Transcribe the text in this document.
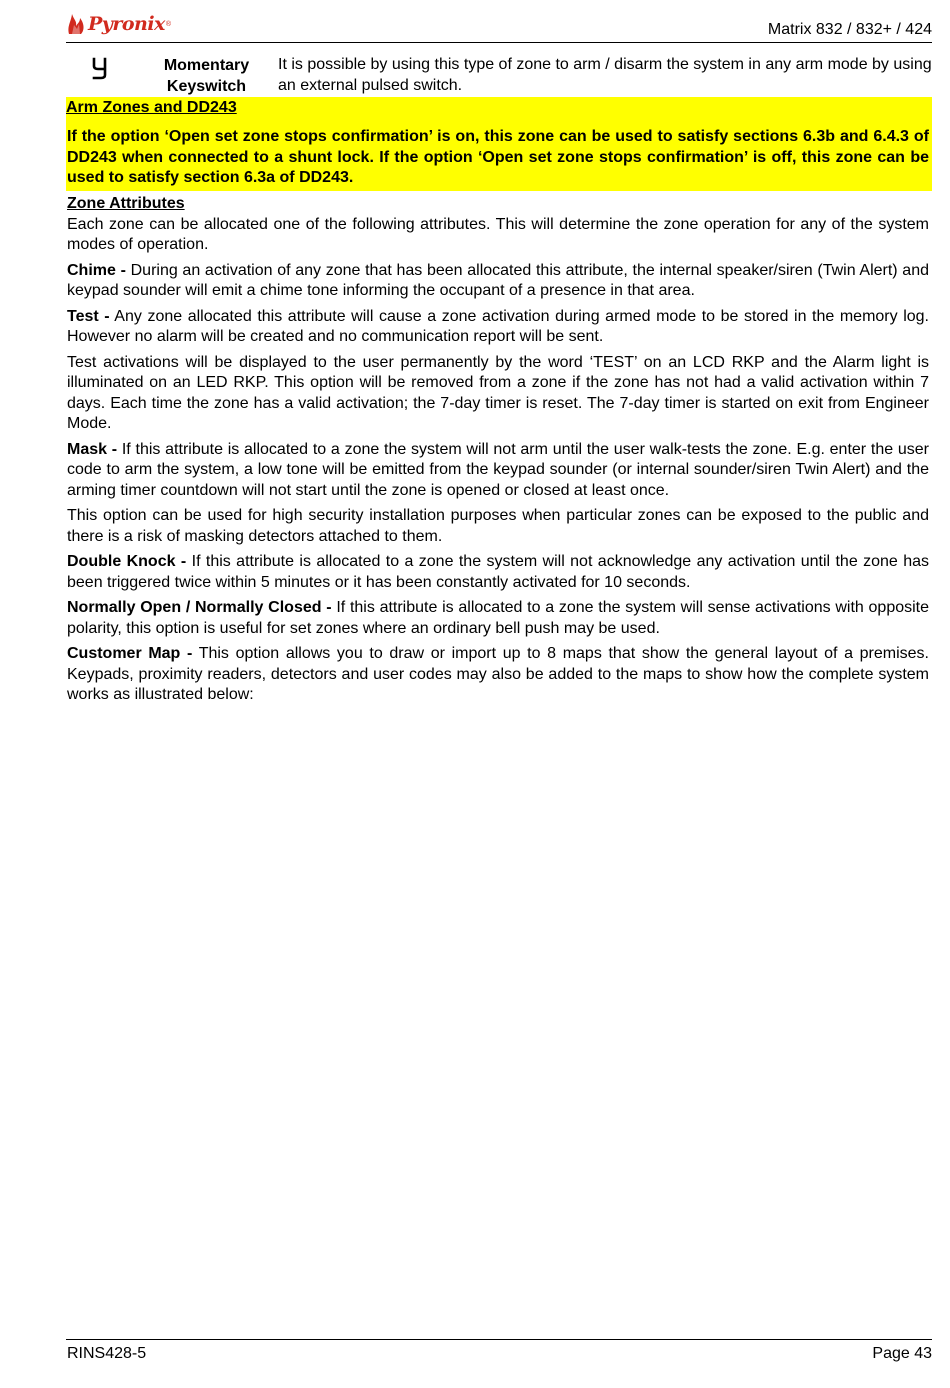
Pyronix ®	Matrix 832 / 832+ / 424
Momentary
Keyswitch
It is possible by using this type of zone to arm / disarm the system in any arm mode by using an external pulsed switch.
Arm Zones and DD243
If the option ‘Open set zone stops confirmation’ is on, this zone can be used to satisfy sections 6.3b and 6.4.3 of DD243 when connected to a shunt lock. If the option ‘Open set zone stops confirmation’ is off, this zone can be used to satisfy section 6.3a of DD243.
Zone Attributes

Each zone can be allocated one of the following attributes. This will determine the zone operation for any of the system modes of operation.

Chime - During an activation of any zone that has been allocated this attribute, the internal speaker/siren (Twin Alert) and keypad sounder will emit a chime tone informing the occupant of a presence in that area.

Test - Any zone allocated this attribute will cause a zone activation during armed mode to be stored in the memory log. However no alarm will be created and no communication report will be sent.

Test activations will be displayed to the user permanently by the word ‘TEST’ on an LCD RKP and the Alarm light is illuminated on an LED RKP. This option will be removed from a zone if the zone has not had a valid activation within 7 days. Each time the zone has a valid activation; the 7-day timer is reset. The 7-day timer is started on exit from Engineer Mode.

Mask - If this attribute is allocated to a zone the system will not arm until the user walk-tests the zone. E.g. enter the user code to arm the system, a low tone will be emitted from the keypad sounder (or internal sounder/siren Twin Alert) and the arming timer countdown will not start until the zone is opened or closed at least once.

This option can be used for high security installation purposes when particular zones can be exposed to the public and there is a risk of masking detectors attached to them.

Double Knock - If this attribute is allocated to a zone the system will not acknowledge any activation until the zone has been triggered twice within 5 minutes or it has been constantly activated for 10 seconds.

Normally Open / Normally Closed - If this attribute is allocated to a zone the system will sense activations with opposite polarity, this option is useful for set zones where an ordinary bell push may be used.

Customer Map - This option allows you to draw or import up to 8 maps that show the general layout of a premises. Keypads, proximity readers, detectors and user codes may also be added to the maps to show how the complete system works as illustrated below:

RINS428-5	Page 43
